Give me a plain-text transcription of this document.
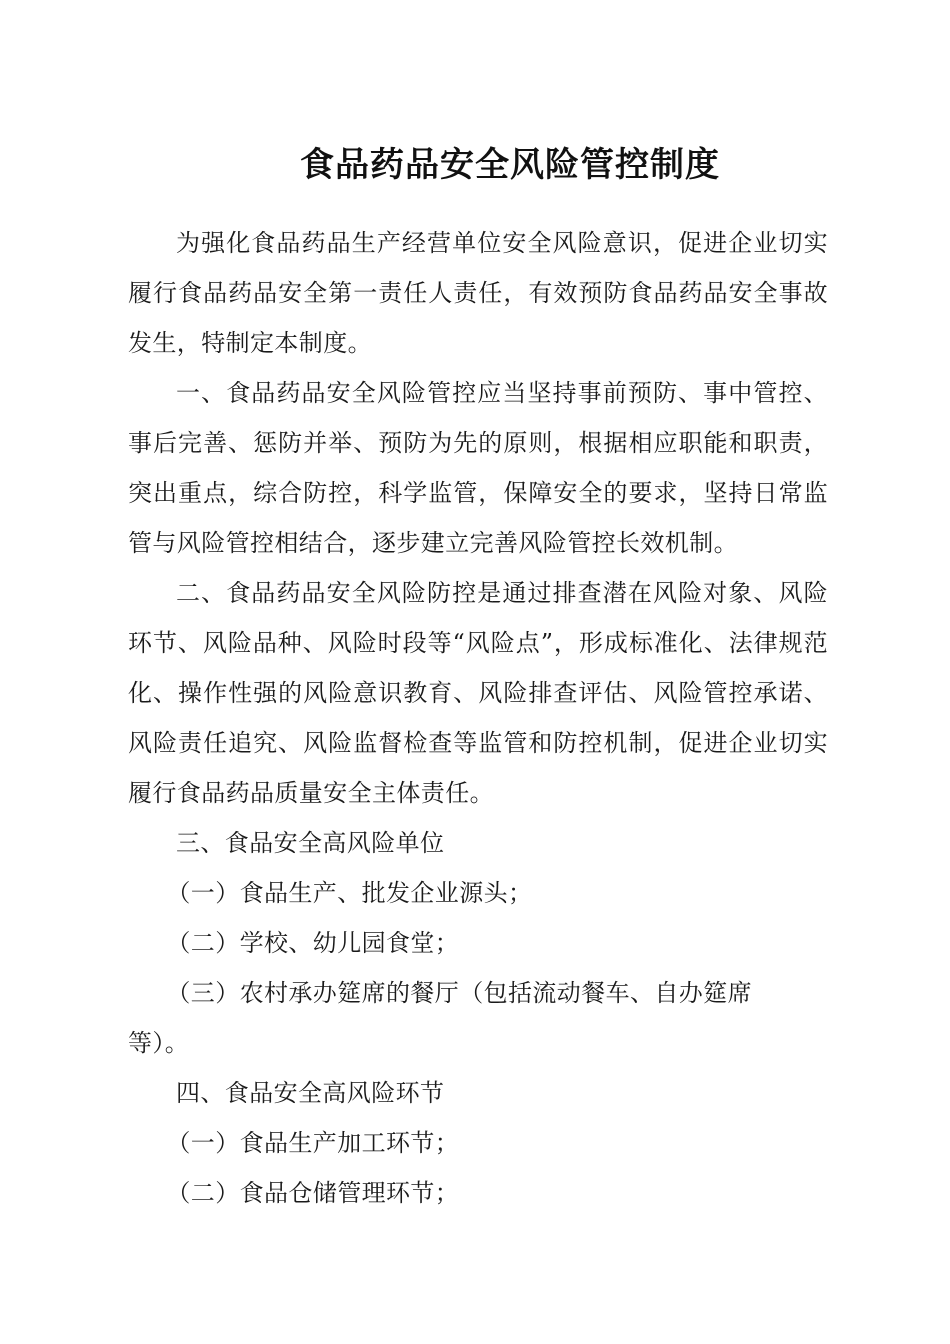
食品药品安全风险管控制度

为强化食品药品生产经营单位安全风险意识，促进企业切实履行食品药品安全第一责任人责任，有效预防食品药品安全事故发生，特制定本制度。

一、食品药品安全风险管控应当坚持事前预防、事中管控、事后完善、惩防并举、预防为先的原则，根据相应职能和职责，突出重点，综合防控，科学监管，保障安全的要求，坚持日常监管与风险管控相结合，逐步建立完善风险管控长效机制。

二、食品药品安全风险防控是通过排查潜在风险对象、风险环节、风险品种、风险时段等“风险点”，形成标准化、法律规范化、操作性强的风险意识教育、风险排查评估、风险管控承诺、风险责任追究、风险监督检查等监管和防控机制，促进企业切实履行食品药品质量安全主体责任。

三、食品安全高风险单位

（一）食品生产、批发企业源头；

（二）学校、幼儿园食堂；

（三）农村承办筵席的餐厅（包括流动餐车、自办筵席等）。

四、食品安全高风险环节

（一）食品生产加工环节；

（二）食品仓储管理环节；
